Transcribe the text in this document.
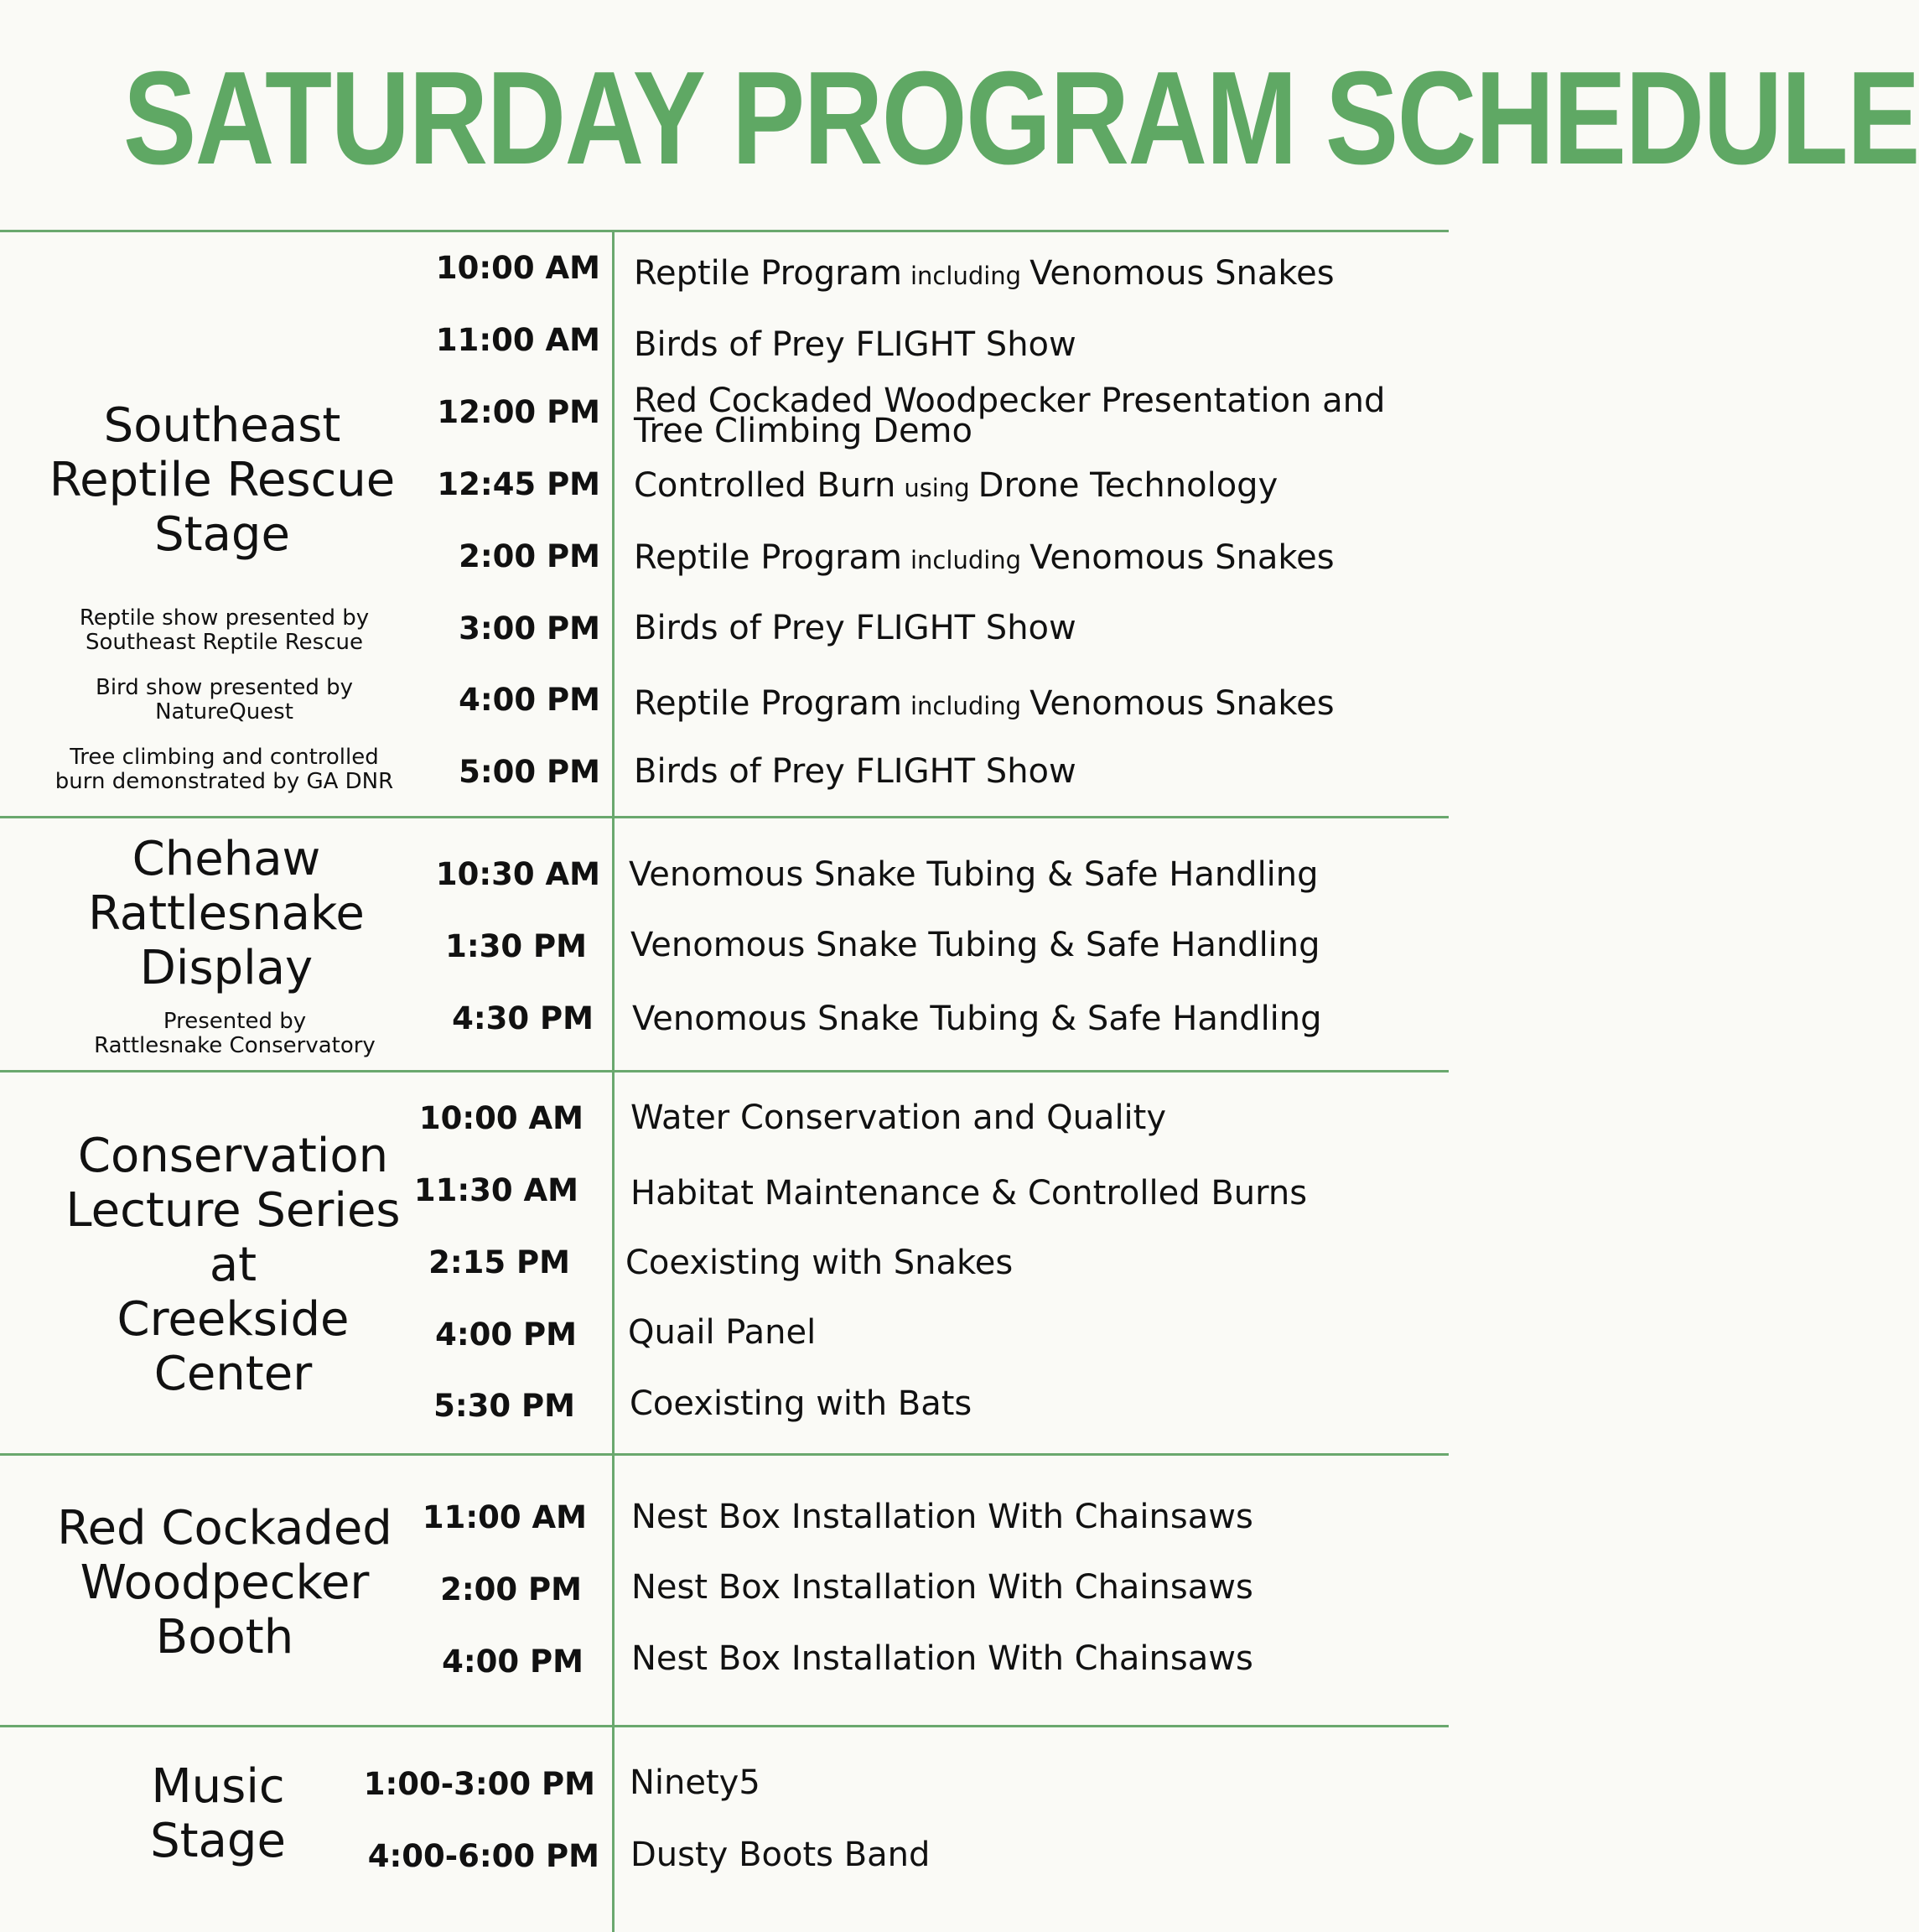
SATURDAY PROGRAM SCHEDULE
Southeast
Reptile Rescue
Stage
Reptile show presented by
Southeast Reptile Rescue
Bird show presented by
NatureQuest
Tree climbing and controlled
burn demonstrated by GA DNR
10:00 AM Reptile Program including Venomous Snakes
11:00 AM Birds of Prey FLIGHT Show
12:00 PM Red Cockaded Woodpecker Presentation and
Tree Climbing Demo
12:45 PM Controlled Burn using Drone Technology
2:00 PM Reptile Program including Venomous Snakes
3:00 PM Birds of Prey FLIGHT Show
4:00 PM Reptile Program including Venomous Snakes
5:00 PM Birds of Prey FLIGHT Show
Chehaw
Rattlesnake
Display
Presented by
Rattlesnake Conservatory
10:30 AM Venomous Snake Tubing & Safe Handling
1:30 PM Venomous Snake Tubing & Safe Handling
4:30 PM Venomous Snake Tubing & Safe Handling
Conservation
Lecture Series
at
Creekside
Center
10:00 AM Water Conservation and Quality
11:30 AM Habitat Maintenance & Controlled Burns
2:15 PM Coexisting with Snakes
4:00 PM Quail Panel
5:30 PM Coexisting with Bats
Red Cockaded
Woodpecker
Booth
11:00 AM Nest Box Installation With Chainsaws
2:00 PM Nest Box Installation With Chainsaws
4:00 PM Nest Box Installation With Chainsaws
Music
Stage
1:00-3:00 PM Ninety5
4:00-6:00 PM Dusty Boots Band
